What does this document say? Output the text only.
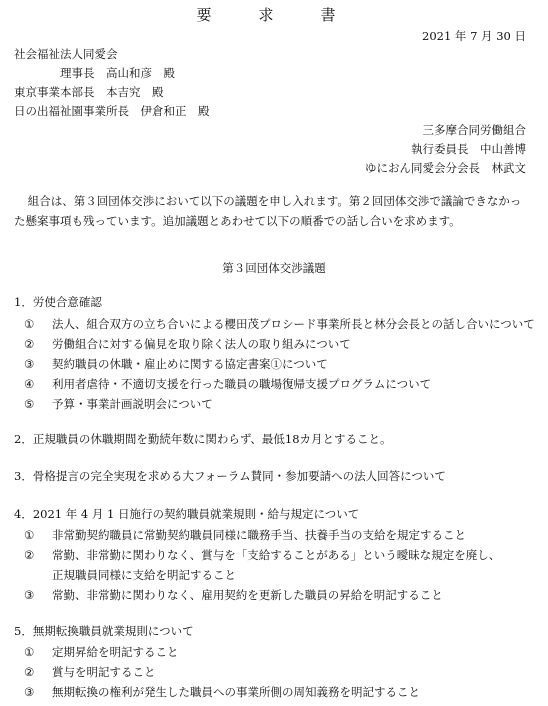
要　求　書
2021 年 7 月 30 日
社会福祉法人同愛会
理事長　高山和彦　殿
東京事業本部長　本吉究　殿
日の出福祉園事業所長　伊倉和正　殿
三多摩合同労働組合
執行委員長　中山善博
ゆにおん同愛会分会長　林武文
組合は、第３回団体交渉において以下の議題を申し入れます。第２回団体交渉で議論できなかった懸案事項も残っています。追加議題とあわせて以下の順番での話し合いを求めます。
第３回団体交渉議題
1．労使合意確認
① 法人、組合双方の立ち合いによる櫻田茂プロシード事業所長と林分会長との話し合いについて
② 労働組合に対する偏見を取り除く法人の取り組みについて
③ 契約職員の休職・雇止めに関する協定書案①について
④ 利用者虐待・不適切支援を行った職員の職場復帰支援プログラムについて
⑤ 予算・事業計画説明会について
2．正規職員の休職期間を勤続年数に関わらず、最低18カ月とすること。
3．骨格提言の完全実現を求める大フォーラム賛同・参加要請への法人回答について
4．2021 年 4 月 1 日施行の契約職員就業規則・給与規定について
① 非常勤契約職員に常勤契約職員同様に職務手当、扶養手当の支給を規定すること
② 常勤、非常勤に関わりなく、賞与を「支給することがある」という曖昧な規定を廃し、
正規職員同様に支給を明記すること
③ 常勤、非常勤に関わりなく、雇用契約を更新した職員の昇給を明記すること
5．無期転換職員就業規則について
① 定期昇給を明記すること
② 賞与を明記すること
③ 無期転換の権利が発生した職員への事業所側の周知義務を明記すること
